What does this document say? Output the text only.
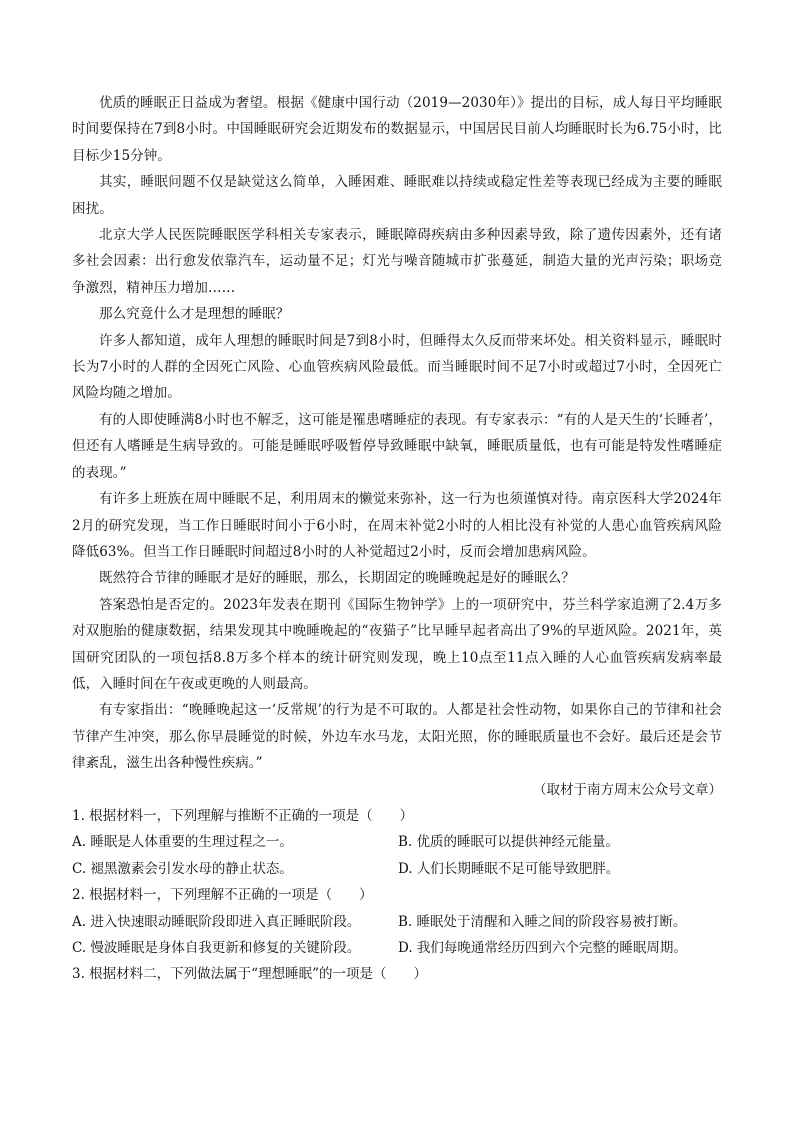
优质的睡眠正日益成为奢望。根据《健康中国行动（2019—2030年）》提出的目标，成人每日平均睡眠时间要保持在7到8小时。中国睡眠研究会近期发布的数据显示，中国居民目前人均睡眠时长为6.75小时，比目标少15分钟。

其实，睡眠问题不仅是缺觉这么简单，入睡困难、睡眠难以持续或稳定性差等表现已经成为主要的睡眠困扰。

北京大学人民医院睡眠医学科相关专家表示，睡眠障碍疾病由多种因素导致，除了遗传因素外，还有诸多社会因素：出行愈发依靠汽车，运动量不足；灯光与噪音随城市扩张蔓延，制造大量的光声污染；职场竞争激烈，精神压力增加……

那么究竟什么才是理想的睡眠？

许多人都知道，成年人理想的睡眠时间是7到8小时，但睡得太久反而带来坏处。相关资料显示，睡眠时长为7小时的人群的全因死亡风险、心血管疾病风险最低。而当睡眠时间不足7小时或超过7小时，全因死亡风险均随之增加。

有的人即使睡满8小时也不解乏，这可能是罹患嗜睡症的表现。有专家表示：“有的人是天生的‘长睡者’，但还有人嗜睡是生病导致的。可能是睡眠呼吸暂停导致睡眠中缺氧，睡眠质量低，也有可能是特发性嗜睡症的表现。”

有许多上班族在周中睡眠不足，利用周末的懒觉来弥补，这一行为也须谨慎对待。南京医科大学2024年2月的研究发现，当工作日睡眠时间小于6小时，在周末补觉2小时的人相比没有补觉的人患心血管疾病风险降低63%。但当工作日睡眠时间超过8小时的人补觉超过2小时，反而会增加患病风险。

既然符合节律的睡眠才是好的睡眠，那么，长期固定的晚睡晚起是好的睡眠么？

答案恐怕是否定的。2023年发表在期刊《国际生物钟学》上的一项研究中，芬兰科学家追溯了2.4万多对双胞胎的健康数据，结果发现其中晚睡晚起的“夜猫子”比早睡早起者高出了9%的早逝风险。2021年，英国研究团队的一项包括8.8万多个样本的统计研究则发现，晚上10点至11点入睡的人心血管疾病发病率最低，入睡时间在午夜或更晚的人则最高。

有专家指出：“晚睡晚起这一‘反常规’的行为是不可取的。人都是社会性动物，如果你自己的节律和社会节律产生冲突，那么你早晨睡觉的时候，外边车水马龙，太阳光照，你的睡眠质量也不会好。最后还是会节律紊乱，滋生出各种慢性疾病。”

（取材于南方周末公众号文章）

1. 根据材料一，下列理解与推断不正确的一项是（　　）

A. 睡眠是人体重要的生理过程之一。	B. 优质的睡眠可以提供神经元能量。
C. 褪黑激素会引发水母的静止状态。	D. 人们长期睡眠不足可能导致肥胖。

2. 根据材料一，下列理解不正确的一项是（　　）

A. 进入快速眼动睡眠阶段即进入真正睡眠阶段。	B. 睡眠处于清醒和入睡之间的阶段容易被打断。
C. 慢波睡眠是身体自我更新和修复的关键阶段。	D. 我们每晚通常经历四到六个完整的睡眠周期。

3. 根据材料二，下列做法属于“理想睡眠”的一项是（　　）
